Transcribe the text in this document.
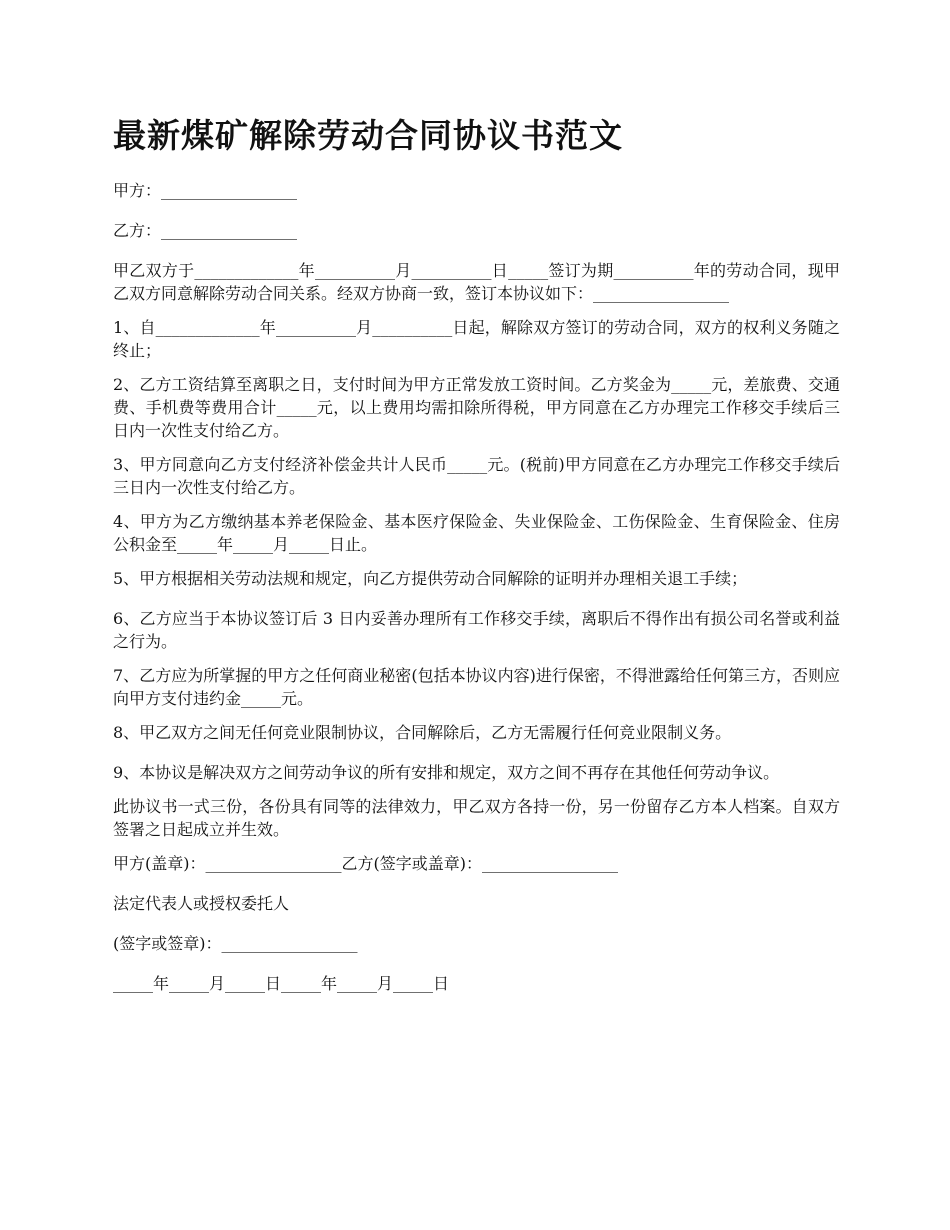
最新煤矿解除劳动合同协议书范文

甲方：_________________

乙方：_________________

甲乙双方于_____________年__________月__________日_____签订为期__________年的劳动合同，现甲乙双方同意解除劳动合同关系。经双方协商一致，签订本协议如下：_________________

1、自_____________年__________月__________日起，解除双方签订的劳动合同，双方的权利义务随之终止；

2、乙方工资结算至离职之日，支付时间为甲方正常发放工资时间。乙方奖金为_____元，差旅费、交通费、手机费等费用合计_____元，以上费用均需扣除所得税，甲方同意在乙方办理完工作移交手续后三日内一次性支付给乙方。

3、甲方同意向乙方支付经济补偿金共计人民币_____元。(税前)甲方同意在乙方办理完工作移交手续后三日内一次性支付给乙方。

4、甲方为乙方缴纳基本养老保险金、基本医疗保险金、失业保险金、工伤保险金、生育保险金、住房公积金至_____年_____月_____日止。

5、甲方根据相关劳动法规和规定，向乙方提供劳动合同解除的证明并办理相关退工手续；

6、乙方应当于本协议签订后 3 日内妥善办理所有工作移交手续，离职后不得作出有损公司名誉或利益之行为。

7、乙方应为所掌握的甲方之任何商业秘密(包括本协议内容)进行保密，不得泄露给任何第三方，否则应向甲方支付违约金_____元。

8、甲乙双方之间无任何竞业限制协议，合同解除后，乙方无需履行任何竞业限制义务。

9、本协议是解决双方之间劳动争议的所有安排和规定，双方之间不再存在其他任何劳动争议。

此协议书一式三份，各份具有同等的法律效力，甲乙双方各持一份，另一份留存乙方本人档案。自双方签署之日起成立并生效。

甲方(盖章)：_________________乙方(签字或盖章)：_________________

法定代表人或授权委托人

(签字或签章)：_________________

_____年_____月_____日_____年_____月_____日
